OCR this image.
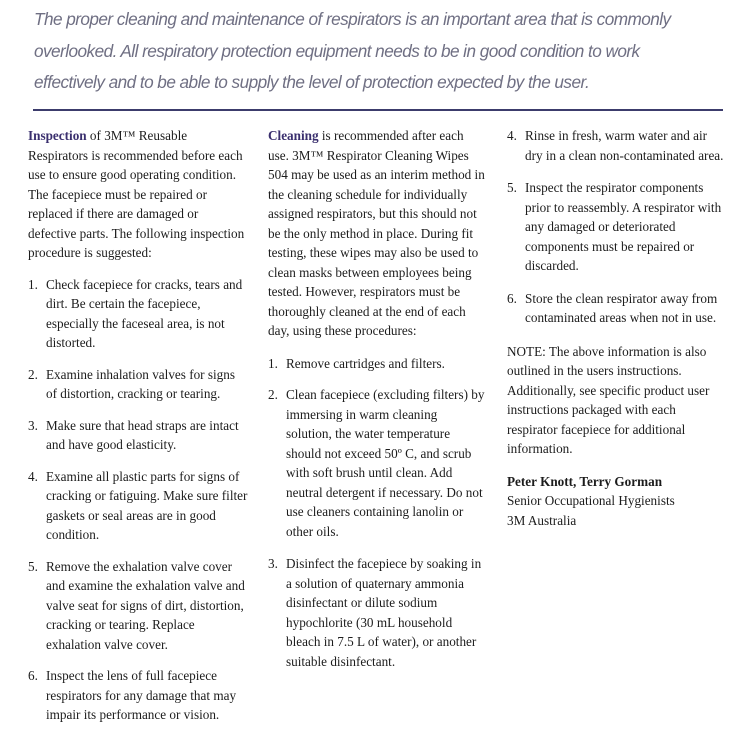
The proper cleaning and maintenance of respirators is an important area that is commonly overlooked. All respiratory protection equipment needs to be in good condition to work effectively and to be able to supply the level of protection expected by the user.

Inspection of 3M™ Reusable Respirators is recommended before each use to ensure good operating condition. The facepiece must be repaired or replaced if there are damaged or defective parts. The following inspection procedure is suggested:

1. Check facepiece for cracks, tears and dirt. Be certain the facepiece, especially the faceseal area, is not distorted.
2. Examine inhalation valves for signs of distortion, cracking or tearing.
3. Make sure that head straps are intact and have good elasticity.
4. Examine all plastic parts for signs of cracking or fatiguing. Make sure filter gaskets or seal areas are in good condition.
5. Remove the exhalation valve cover and examine the exhalation valve and valve seat for signs of dirt, distortion, cracking or tearing. Replace exhalation valve cover.
6. Inspect the lens of full facepiece respirators for any damage that may impair its performance or vision.

Cleaning is recommended after each use. 3M™ Respirator Cleaning Wipes 504 may be used as an interim method in the cleaning schedule for individually assigned respirators, but this should not be the only method in place. During fit testing, these wipes may also be used to clean masks between employees being tested. However, respirators must be thoroughly cleaned at the end of each day, using these procedures:

1. Remove cartridges and filters.
2. Clean facepiece (excluding filters) by immersing in warm cleaning solution, the water temperature should not exceed 50º C, and scrub with soft brush until clean. Add neutral detergent if necessary. Do not use cleaners containing lanolin or other oils.
3. Disinfect the facepiece by soaking in a solution of quaternary ammonia disinfectant or dilute sodium hypochlorite (30 mL household bleach in 7.5 L of water), or another suitable disinfectant.
4. Rinse in fresh, warm water and air dry in a clean non-contaminated area.
5. Inspect the respirator components prior to reassembly. A respirator with any damaged or deteriorated components must be repaired or discarded.
6. Store the clean respirator away from contaminated areas when not in use.

NOTE: The above information is also outlined in the users instructions. Additionally, see specific product user instructions packaged with each respirator facepiece for additional information.

Peter Knott, Terry Gorman

Senior Occupational Hygienists

3M Australia
